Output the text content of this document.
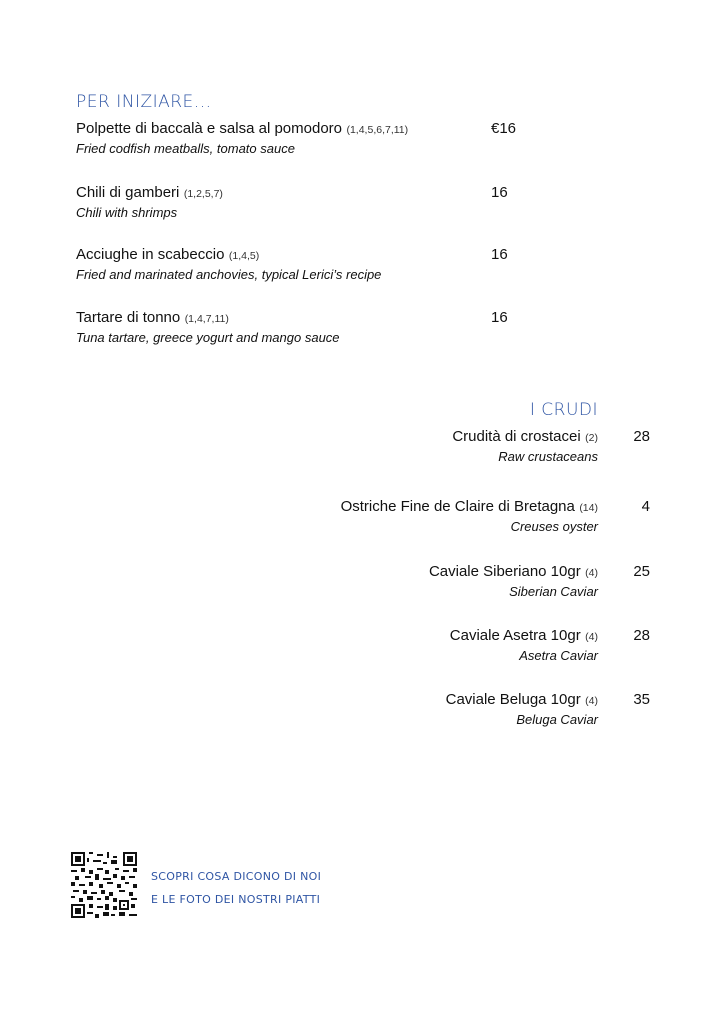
PER INIZIARE...
Polpette di baccalà e salsa al pomodoro (1,4,5,6,7,11)
Fried codfish meatballs, tomato sauce
€16
Chili di gamberi (1,2,5,7)
Chili with shrimps
16
Acciughe in scabeccio (1,4,5)
Fried and marinated anchovies, typical Lerici’s recipe
16
Tartare di tonno (1,4,7,11)
Tuna tartare, greece yogurt and mango sauce
16
I CRUDI
Crudità di crostacei (2)
Raw crustaceans
28
Ostriche Fine de Claire di Bretagna (14)
Creuses oyster
4
Caviale Siberiano 10gr (4)
Siberian Caviar
25
Caviale Asetra 10gr (4)
Asetra Caviar
28
Caviale Beluga 10gr (4)
Beluga Caviar
35
SCOPRI COSA DICONO DI NOI
E LE FOTO DEI NOSTRI PIATTI
